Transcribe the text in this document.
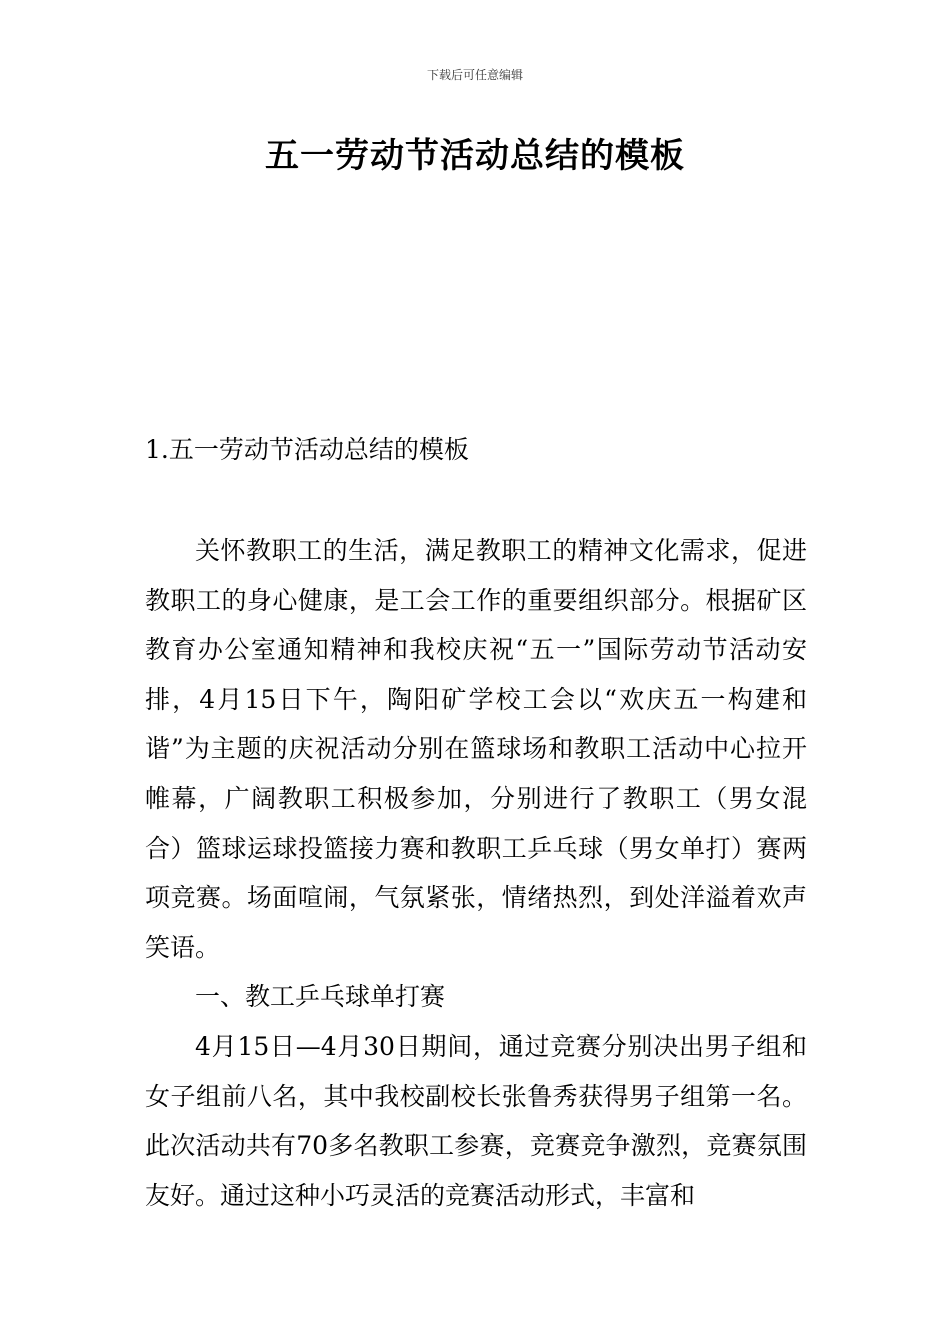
下载后可任意编辑
五一劳动节活动总结的模板
1.五一劳动节活动总结的模板

关怀教职工的生活，满足教职工的精神文化需求，促进教职工的身心健康，是工会工作的重要组织部分。根据矿区教育办公室通知精神和我校庆祝“五一”国际劳动节活动安排，4月15日下午，陶阳矿学校工会以“欢庆五一构建和谐”为主题的庆祝活动分别在篮球场和教职工活动中心拉开帷幕，广阔教职工积极参加，分别进行了教职工（男女混合）篮球运球投篮接力赛和教职工乒乓球（男女单打）赛两项竞赛。场面喧闹，气氛紧张，情绪热烈，到处洋溢着欢声笑语。

一、教工乒乓球单打赛

4月15日—4月30日期间，通过竞赛分别决出男子组和女子组前八名，其中我校副校长张鲁秀获得男子组第一名。此次活动共有70多名教职工参赛，竞赛竞争激烈，竞赛氛围友好。通过这种小巧灵活的竞赛活动形式，丰富和
